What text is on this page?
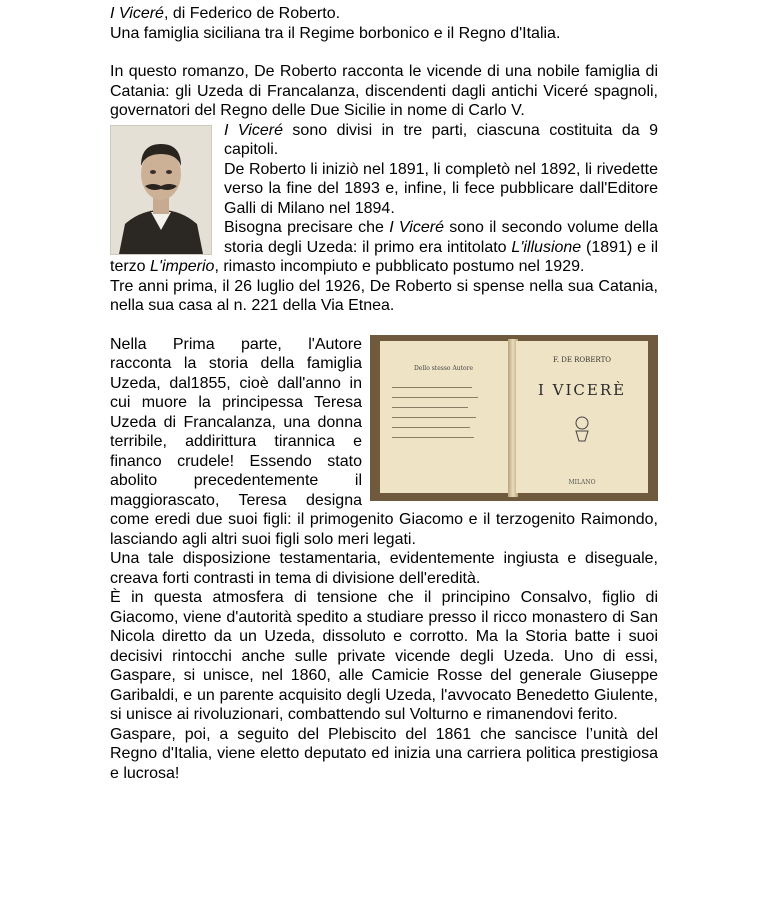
I Viceré, di Federico de Roberto.

Una famiglia siciliana tra il Regime borbonico e il Regno d'Italia.

In questo romanzo, De Roberto racconta le vicende di una nobile famiglia di Catania: gli Uzeda di Francalanza, discendenti dagli antichi Viceré spagnoli, governatori del Regno delle Due Sicilie in nome di Carlo V.

I Viceré sono divisi in tre parti, ciascuna costituita da 9 capitoli.

De Roberto li iniziò nel 1891, li completò nel 1892, li rivedette verso la fine del 1893 e, infine, li fece pubblicare dall'Editore Galli di Milano nel 1894.

Bisogna precisare che I Viceré sono il secondo volume della storia degli Uzeda: il primo era intitolato L'illusione (1891) e il terzo L'imperio, rimasto incompiuto e pubblicato postumo nel 1929.

Tre anni prima, il 26 luglio del 1926, De Roberto si spense nella sua Catania, nella sua casa al n. 221 della Via Etnea.

Dello stesso Autore
F. DE ROBERTO
I VICERÈ
MILANO

Nella Prima parte, l'Autore racconta la storia della famiglia Uzeda, dal1855, cioè dall'anno in cui muore la principessa Teresa Uzeda di Francalanza, una donna terribile, addirittura tirannica e financo crudele! Essendo stato abolito precedentemente il maggiorascato, Teresa designa come eredi due suoi figli: il primogenito Giacomo e il terzogenito Raimondo, lasciando agli altri suoi figli solo meri legati.

Una tale disposizione testamentaria, evidentemente ingiusta e diseguale, creava forti contrasti in tema di divisione dell'eredità.

È in questa atmosfera di tensione che il principino Consalvo, figlio di Giacomo, viene d'autorità spedito a studiare presso il ricco monastero di San Nicola diretto da un Uzeda, dissoluto e corrotto. Ma la Storia batte i suoi decisivi rintocchi anche sulle private vicende degli Uzeda. Uno di essi, Gaspare, si unisce, nel 1860, alle Camicie Rosse del generale Giuseppe Garibaldi, e un parente acquisito degli Uzeda, l'avvocato Benedetto Giulente, si unisce ai rivoluzionari, combattendo sul Volturno e rimanendovi ferito.

Gaspare, poi, a seguito del Plebiscito del 1861 che sancisce l’unità del Regno d'Italia, viene eletto deputato ed inizia una carriera politica prestigiosa e lucrosa!
